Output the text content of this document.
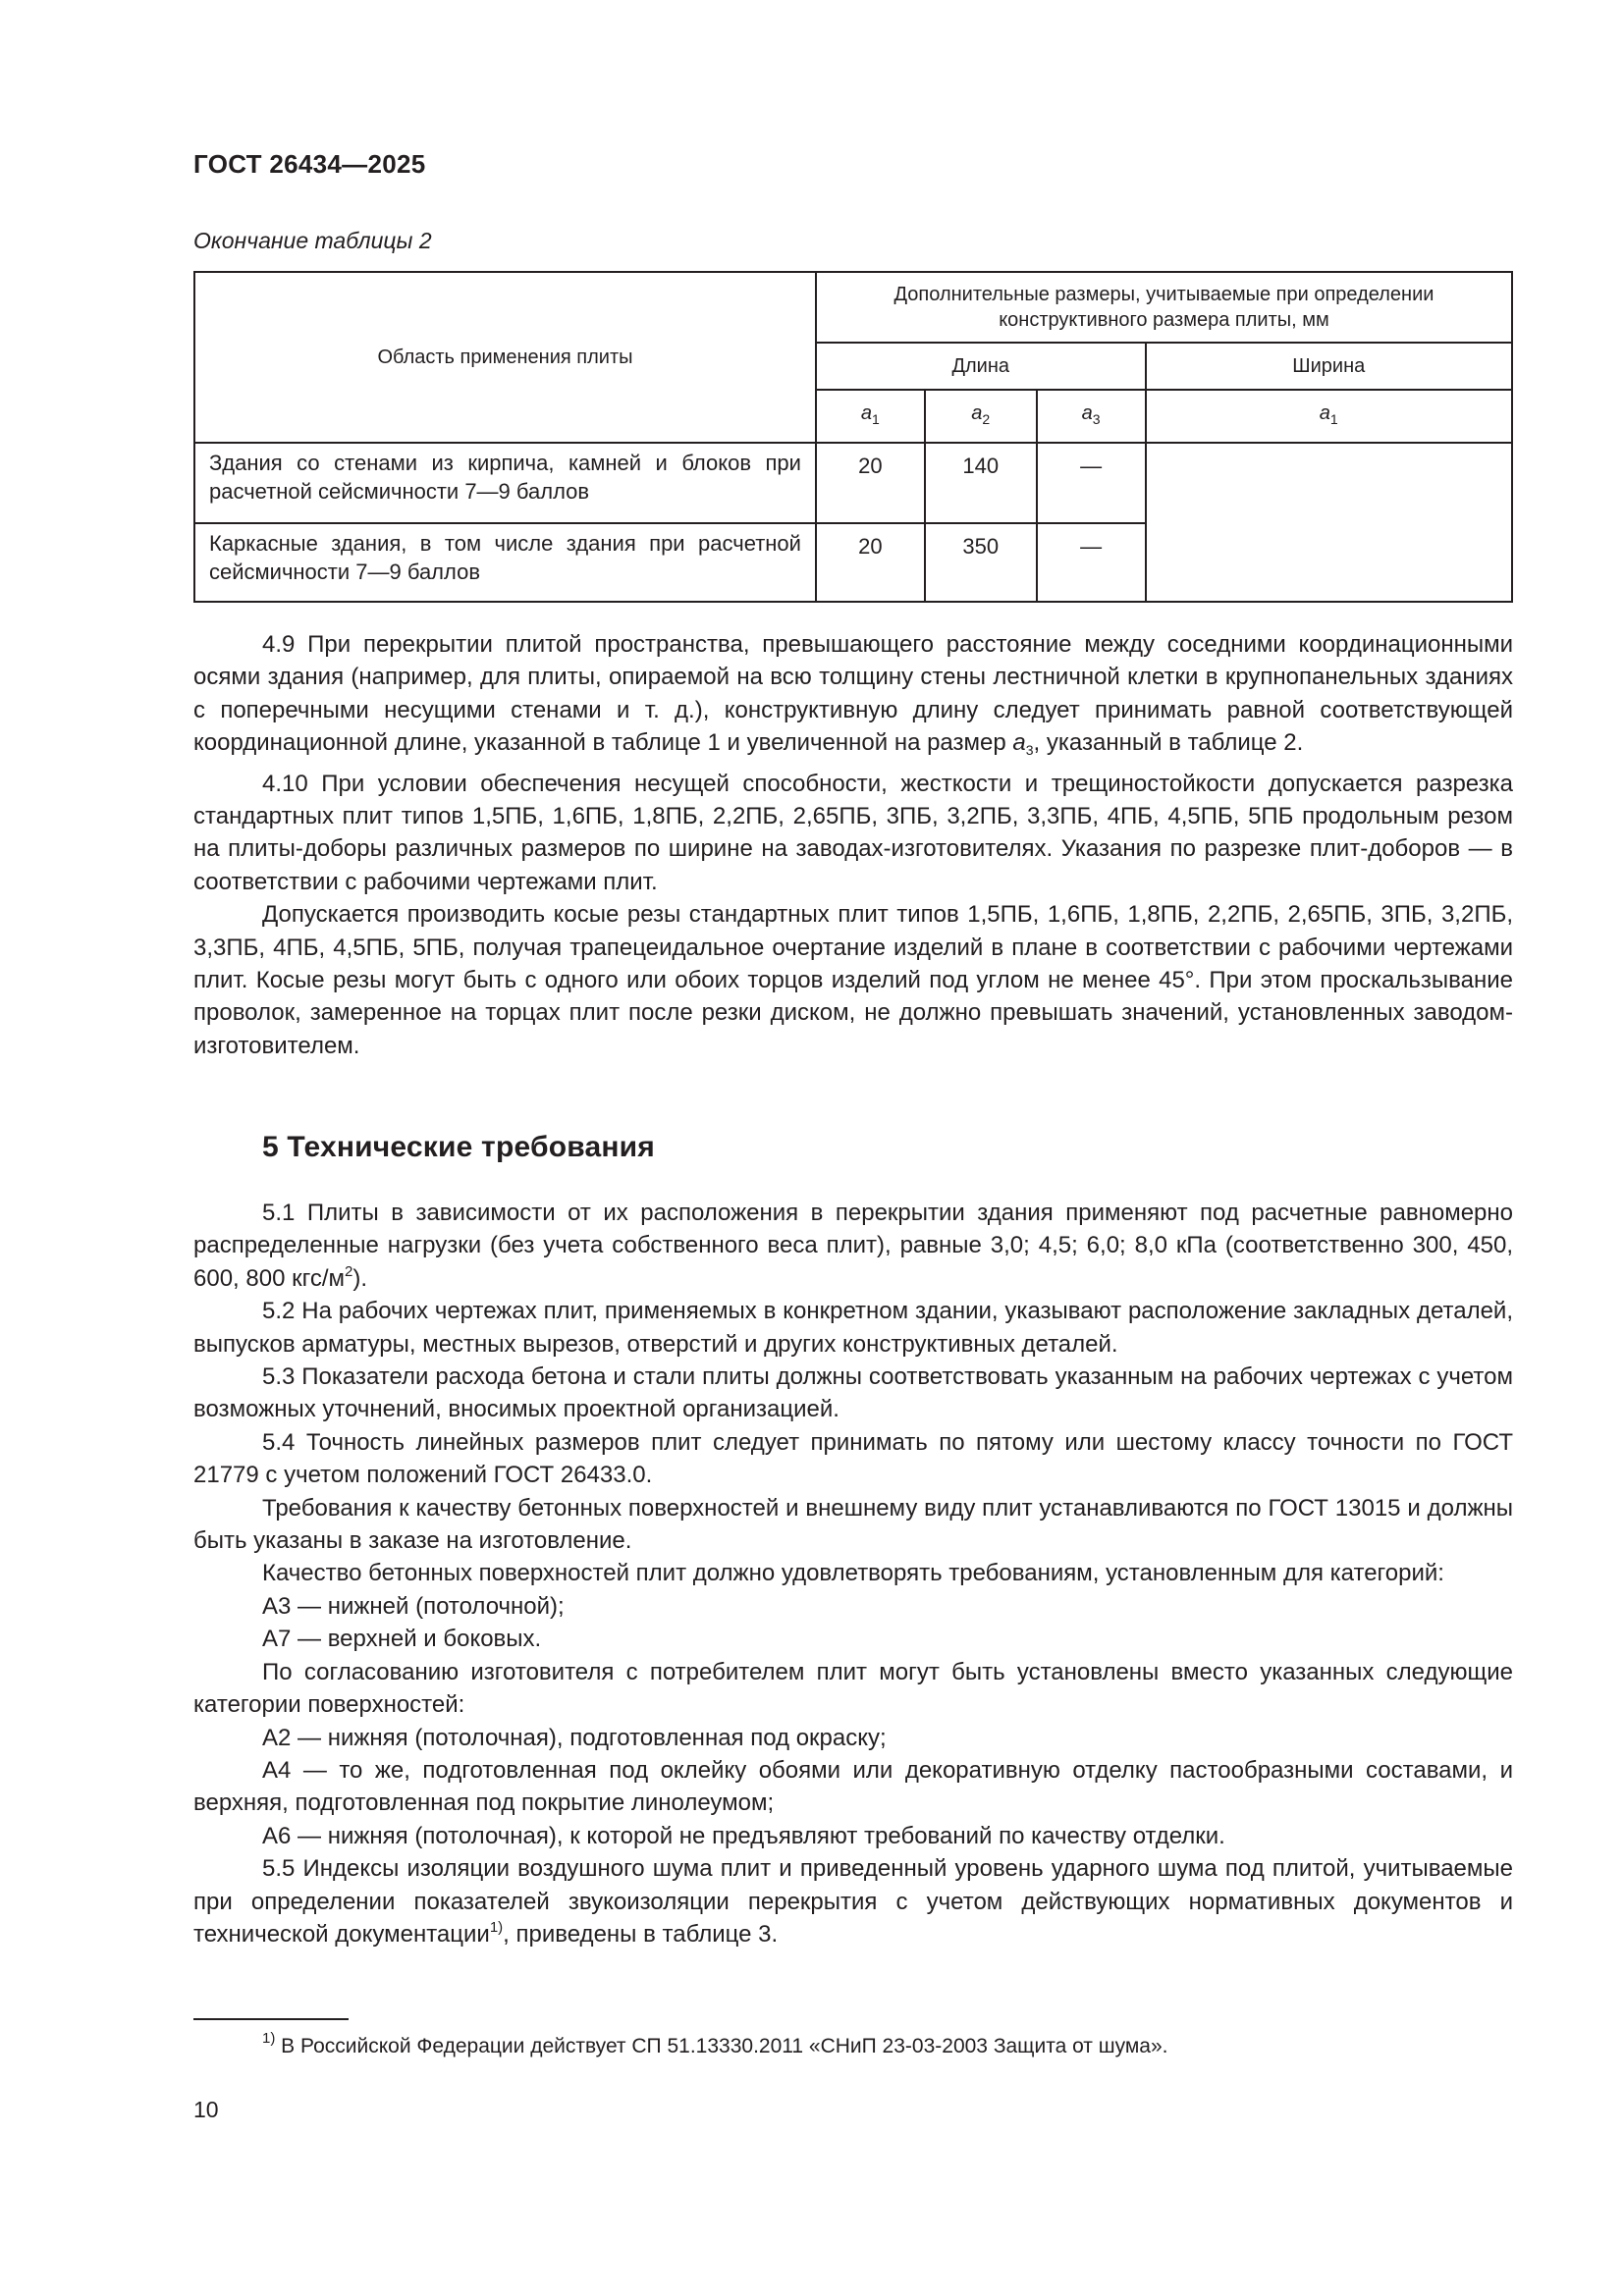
ГОСТ 26434—2025
Окончание таблицы 2
Область применения плиты	Дополнительные размеры, учитываемые при определении конструктивного размера плиты, мм			
	Длина			Ширина
	$a_1$	$a_2$	$a_3$	$a_1$
Здания со стенами из кирпича, камней и блоков при расчетной сейсмичности 7—9 баллов	20	140	—	
Каркасные здания, в том числе здания при расчетной сейсмичности 7—9 баллов	20	350	—	

4.9 При перекрытии плитой пространства, превышающего расстояние между соседними координационными осями здания (например, для плиты, опираемой на всю толщину стены лестничной клетки в крупнопанельных зданиях с поперечными несущими стенами и т. д.), конструктивную длину следует принимать равной соответствующей координационной длине, указанной в таблице 1 и увеличенной на размер $a_3$, указанный в таблице 2.

4.10 При условии обеспечения несущей способности, жесткости и трещиностойкости допускается разрезка стандартных плит типов 1,5ПБ, 1,6ПБ, 1,8ПБ, 2,2ПБ, 2,65ПБ, 3ПБ, 3,2ПБ, 3,3ПБ, 4ПБ, 4,5ПБ, 5ПБ продольным резом на плиты-доборы различных размеров по ширине на заводах-изготовителях. Указания по разрезке плит-доборов — в соответствии с рабочими чертежами плит.

Допускается производить косые резы стандартных плит типов 1,5ПБ, 1,6ПБ, 1,8ПБ, 2,2ПБ, 2,65ПБ, 3ПБ, 3,2ПБ, 3,3ПБ, 4ПБ, 4,5ПБ, 5ПБ, получая трапецеидальное очертание изделий в плане в соответствии с рабочими чертежами плит. Косые резы могут быть с одного или обоих торцов изделий под углом не менее 45°. При этом проскальзывание проволок, замеренное на торцах плит после резки диском, не должно превышать значений, установленных заводом-изготовителем.

5 Технические требования

5.1 Плиты в зависимости от их расположения в перекрытии здания применяют под расчетные равномерно распределенные нагрузки (без учета собственного веса плит), равные 3,0; 4,5; 6,0; 8,0 кПа (соответственно 300, 450, 600, 800 кгс/$м^2$).

5.2 На рабочих чертежах плит, применяемых в конкретном здании, указывают расположение закладных деталей, выпусков арматуры, местных вырезов, отверстий и других конструктивных деталей.

5.3 Показатели расхода бетона и стали плиты должны соответствовать указанным на рабочих чертежах с учетом возможных уточнений, вносимых проектной организацией.

5.4 Точность линейных размеров плит следует принимать по пятому или шестому классу точности по ГОСТ 21779 с учетом положений ГОСТ 26433.0.

Требования к качеству бетонных поверхностей и внешнему виду плит устанавливаются по ГОСТ 13015 и должны быть указаны в заказе на изготовление.

Качество бетонных поверхностей плит должно удовлетворять требованиям, установленным для категорий:

А3 — нижней (потолочной);

А7 — верхней и боковых.

По согласованию изготовителя с потребителем плит могут быть установлены вместо указанных следующие категории поверхностей:

А2 — нижняя (потолочная), подготовленная под окраску;

А4 — то же, подготовленная под оклейку обоями или декоративную отделку пастообразными составами, и верхняя, подготовленная под покрытие линолеумом;

А6 — нижняя (потолочная), к которой не предъявляют требований по качеству отделки.

5.5 Индексы изоляции воздушного шума плит и приведенный уровень ударного шума под плитой, учитываемые при определении показателей звукоизоляции перекрытия с учетом действующих нормативных документов и технической документации$^{1)}$, приведены в таблице 3.

$^{1)}$ В Российской Федерации действует СП 51.13330.2011 «СНиП 23-03-2003 Защита от шума».
10
